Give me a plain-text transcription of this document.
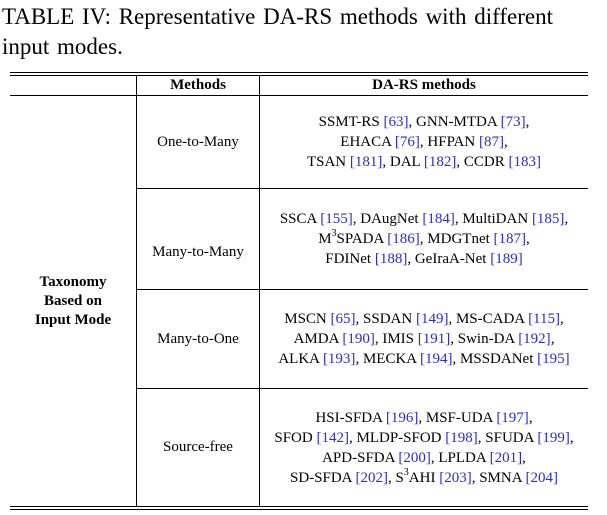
TABLE IV: Representative DA-RS methods with different
input modes.
Methods	DA-RS methods
Taxonomy
Based on
Input Mode
One-to-Many
Many-to-Many
Many-to-One
Source-free
SSMT-RS [63], GNN-MTDA [73],
EHACA [76], HFPAN [87],
TSAN [181], DAL [182], CCDR [183]
SSCA [155], DAugNet [184], MultiDAN [185],
$M^3SPADA$ [186], MDGTnet [187],
FDINet [188], GeIraA-Net [189]
MSCN [65], SSDAN [149], MS-CADA [115],
AMDA [190], IMIS [191], Swin-DA [192],
ALKA [193], MECKA [194], MSSDANet [195]
HSI-SFDA [196], MSF-UDA [197],
SFOD [142], MLDP-SFOD [198], SFUDA [199],
APD-SFDA [200], LPLDA [201],
SD-SFDA [202], $S^3AHI$ [203], SMNA [204]
